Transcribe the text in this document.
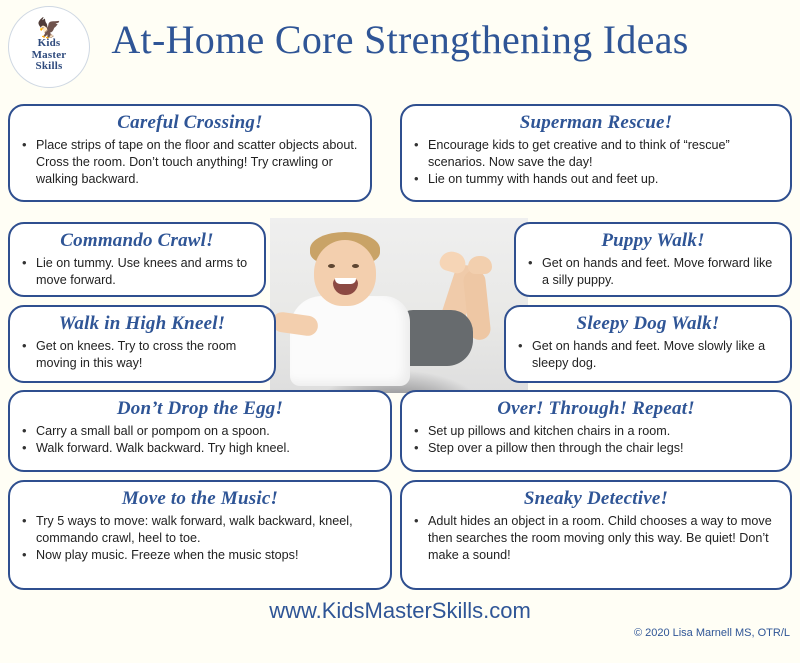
🦅
Kids
Master
Skills
At-Home Core Strengthening Ideas
Careful Crossing!
• Place strips of tape on the floor and scatter objects about. Cross the room. Don’t touch anything! Try crawling or walking backward.
Superman Rescue!
• Encourage kids to get creative and to think of “rescue” scenarios. Now save the day!
• Lie on tummy with hands out and feet up.
Commando Crawl!
• Lie on tummy. Use knees and arms to move forward.
Puppy Walk!
• Get on hands and feet. Move forward like a silly puppy.
Walk in High Kneel!
• Get on knees. Try to cross the room moving in this way!
Sleepy Dog Walk!
• Get on hands and feet. Move slowly like a sleepy dog.
Don’t Drop the Egg!
• Carry a small ball or pompom on a spoon.
• Walk forward. Walk backward. Try high kneel.
Over! Through! Repeat!
• Set up pillows and kitchen chairs in a room.
• Step over a pillow then through the chair legs!
Move to the Music!
• Try 5 ways to move: walk forward, walk backward, kneel, commando crawl, heel to toe.
• Now play music. Freeze when the music stops!
Sneaky Detective!
• Adult hides an object in a room. Child chooses a way to move then searches the room moving only this way. Be quiet! Don’t make a sound!
www.KidsMasterSkills.com
© 2020 Lisa Marnell MS, OTR/L
